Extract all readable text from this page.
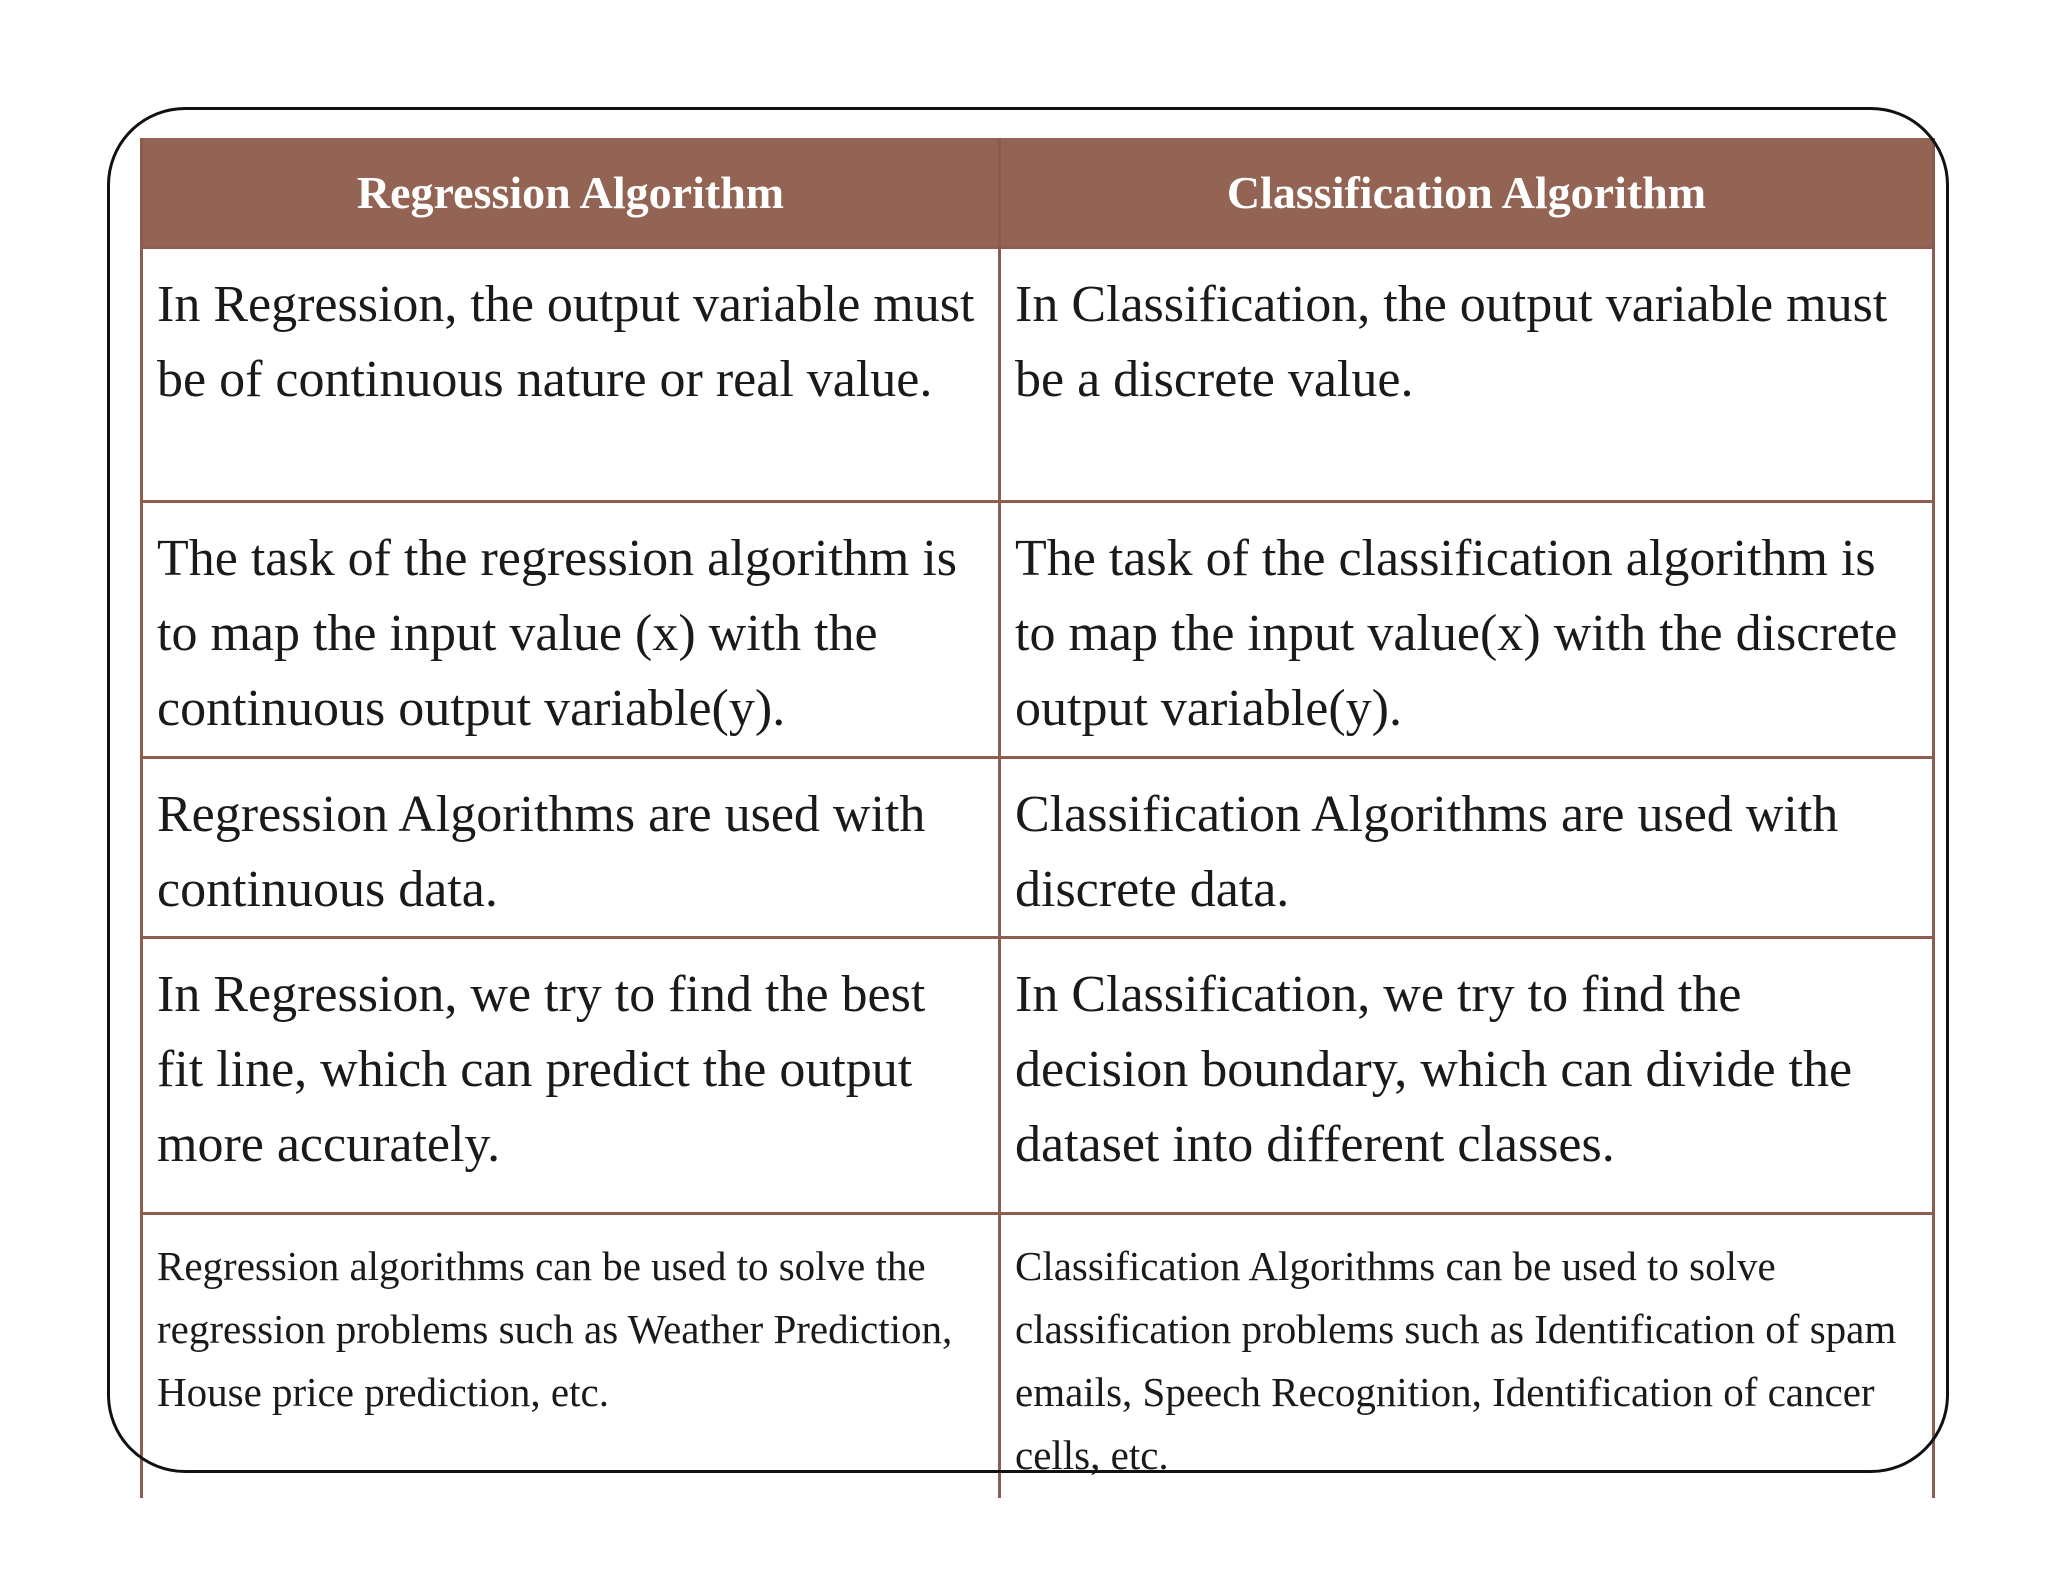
Regression Algorithm	Classification Algorithm
In Regression, the output variable must be of continuous nature or real value.	In Classification, the output variable must be a discrete value.
The task of the regression algorithm is to map the input value (x) with the continuous output variable(y).	The task of the classification algorithm is to map the input value(x) with the discrete output variable(y).
Regression Algorithms are used with continuous data.	Classification Algorithms are used with discrete data.
In Regression, we try to find the best fit line, which can predict the output more accurately.	In Classification, we try to find the decision boundary, which can divide the dataset into different classes.
Regression algorithms can be used to solve the regression problems such as Weather Prediction, House price prediction, etc.	Classification Algorithms can be used to solve classification problems such as Identification of spam emails, Speech Recognition, Identification of cancer cells, etc.
